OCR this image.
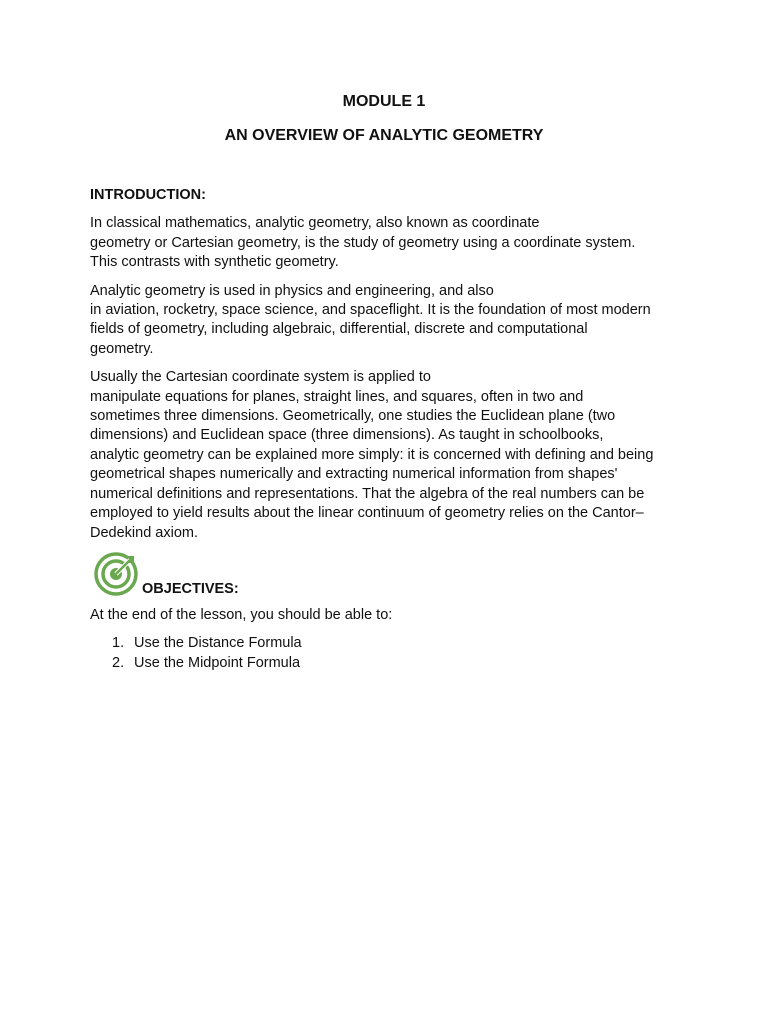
MODULE 1
AN OVERVIEW OF ANALYTIC GEOMETRY
INTRODUCTION:

In classical mathematics, analytic geometry, also known as coordinate
geometry or Cartesian geometry, is the study of geometry using a coordinate system.
This contrasts with synthetic geometry.

Analytic geometry is used in physics and engineering, and also
in aviation, rocketry, space science, and spaceflight. It is the foundation of most modern
fields of geometry, including algebraic, differential, discrete and computational
geometry.

Usually the Cartesian coordinate system is applied to
manipulate equations for planes, straight lines, and squares, often in two and
sometimes three dimensions. Geometrically, one studies the Euclidean plane (two
dimensions) and Euclidean space (three dimensions). As taught in schoolbooks,
analytic geometry can be explained more simply: it is concerned with defining and being
geometrical shapes numerically and extracting numerical information from shapes'
numerical definitions and representations. That the algebra of the real numbers can be
employed to yield results about the linear continuum of geometry relies on the Cantor–
Dedekind axiom.

OBJECTIVES:

At the end of the lesson, you should be able to:

1. Use the Distance Formula
2. Use the Midpoint Formula
